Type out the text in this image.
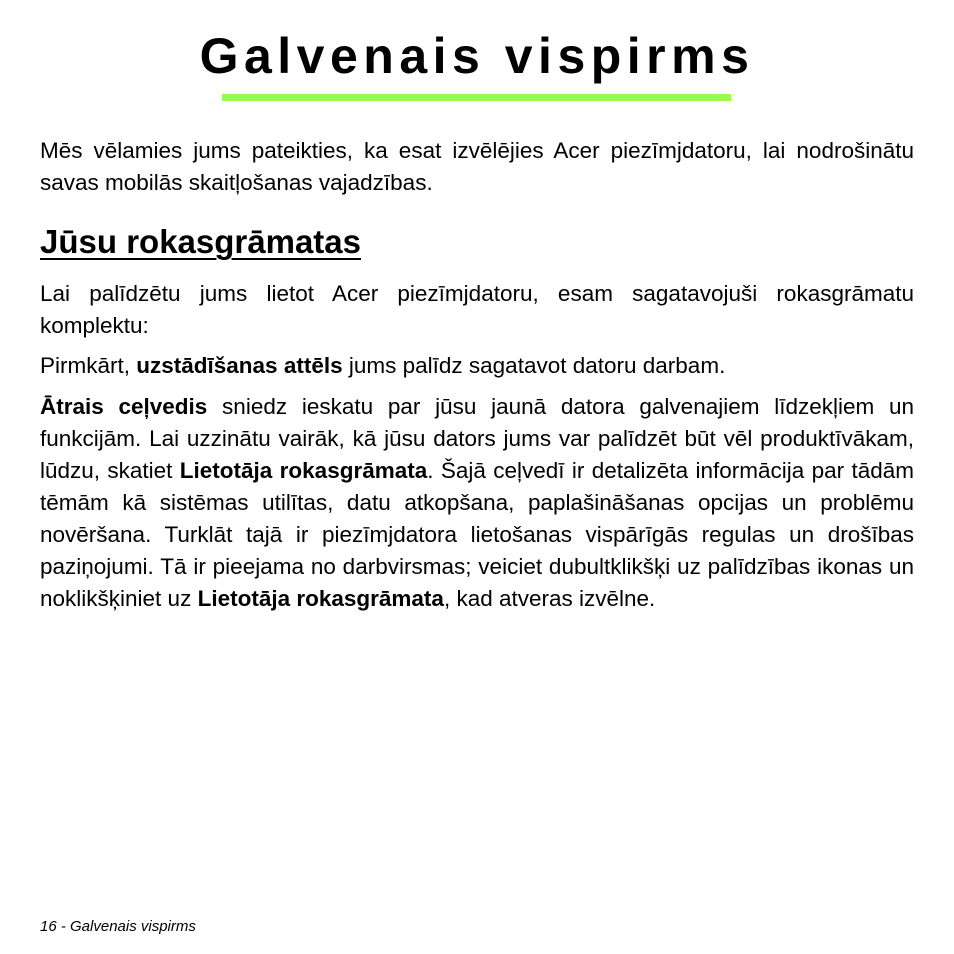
Galvenais vispirms

Mēs vēlamies jums pateikties, ka esat izvēlējies Acer piezīmjdatoru, lai nodrošinātu savas mobilās skaitļošanas vajadzības.

Jūsu rokasgrāmatas

Lai palīdzētu jums lietot Acer piezīmjdatoru, esam sagatavojuši rokasgrāmatu komplektu:

Pirmkārt, uzstādīšanas attēls jums palīdz sagatavot datoru darbam.

Ātrais ceļvedis sniedz ieskatu par jūsu jaunā datora galvenajiem līdzekļiem un funkcijām. Lai uzzinātu vairāk, kā jūsu dators jums var palīdzēt būt vēl produktīvākam, lūdzu, skatiet Lietotāja rokasgrāmata. Šajā ceļvedī ir detalizēta informācija par tādām tēmām kā sistēmas utilītas, datu atkopšana, paplašināšanas opcijas un problēmu novēršana. Turklāt tajā ir piezīmjdatora lietošanas vispārīgās regulas un drošības paziņojumi. Tā ir pieejama no darbvirsmas; veiciet dubultklikšķi uz palīdzības ikonas un noklikšķiniet uz Lietotāja rokasgrāmata, kad atveras izvēlne.

16 - Galvenais vispirms
